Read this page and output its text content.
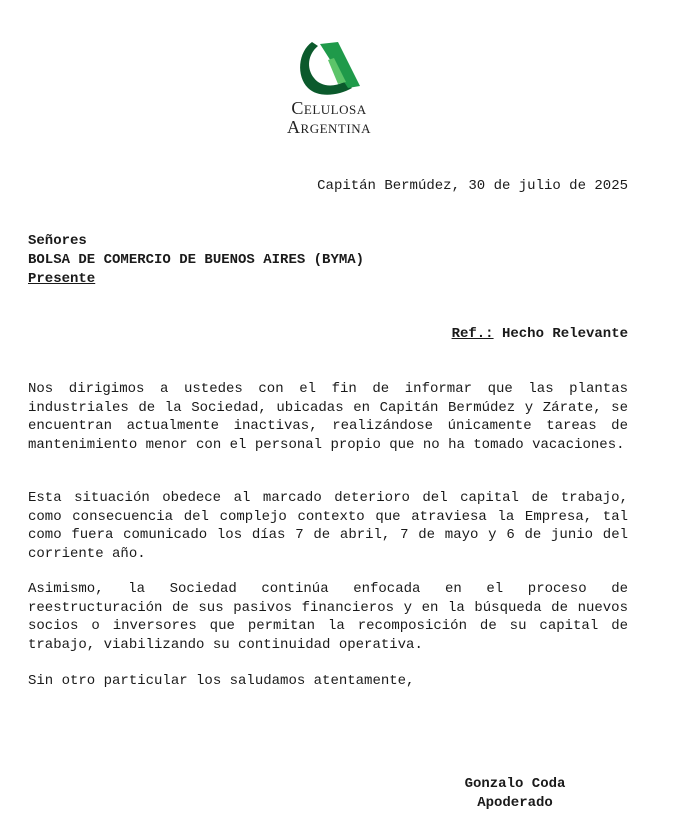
Celulosa
Argentina
Capitán Bermúdez, 30 de julio de 2025
Señores
BOLSA DE COMERCIO DE BUENOS AIRES (BYMA)
Presente
Ref.: Hecho Relevante

Nos dirigimos a ustedes con el fin de informar que las plantas industriales de la Sociedad, ubicadas en Capitán Bermúdez y Zárate, se encuentran actualmente inactivas, realizándose únicamente tareas de mantenimiento menor con el personal propio que no ha tomado vacaciones.

Esta situación obedece al marcado deterioro del capital de trabajo, como consecuencia del complejo contexto que atraviesa la Empresa, tal como fuera comunicado los días 7 de abril, 7 de mayo y 6 de junio del corriente año.

Asimismo, la Sociedad continúa enfocada en el proceso de reestructuración de sus pasivos financieros y en la búsqueda de nuevos socios o inversores que permitan la recomposición de su capital de trabajo, viabilizando su continuidad operativa.

Sin otro particular los saludamos atentamente,

Gonzalo Coda
Apoderado
